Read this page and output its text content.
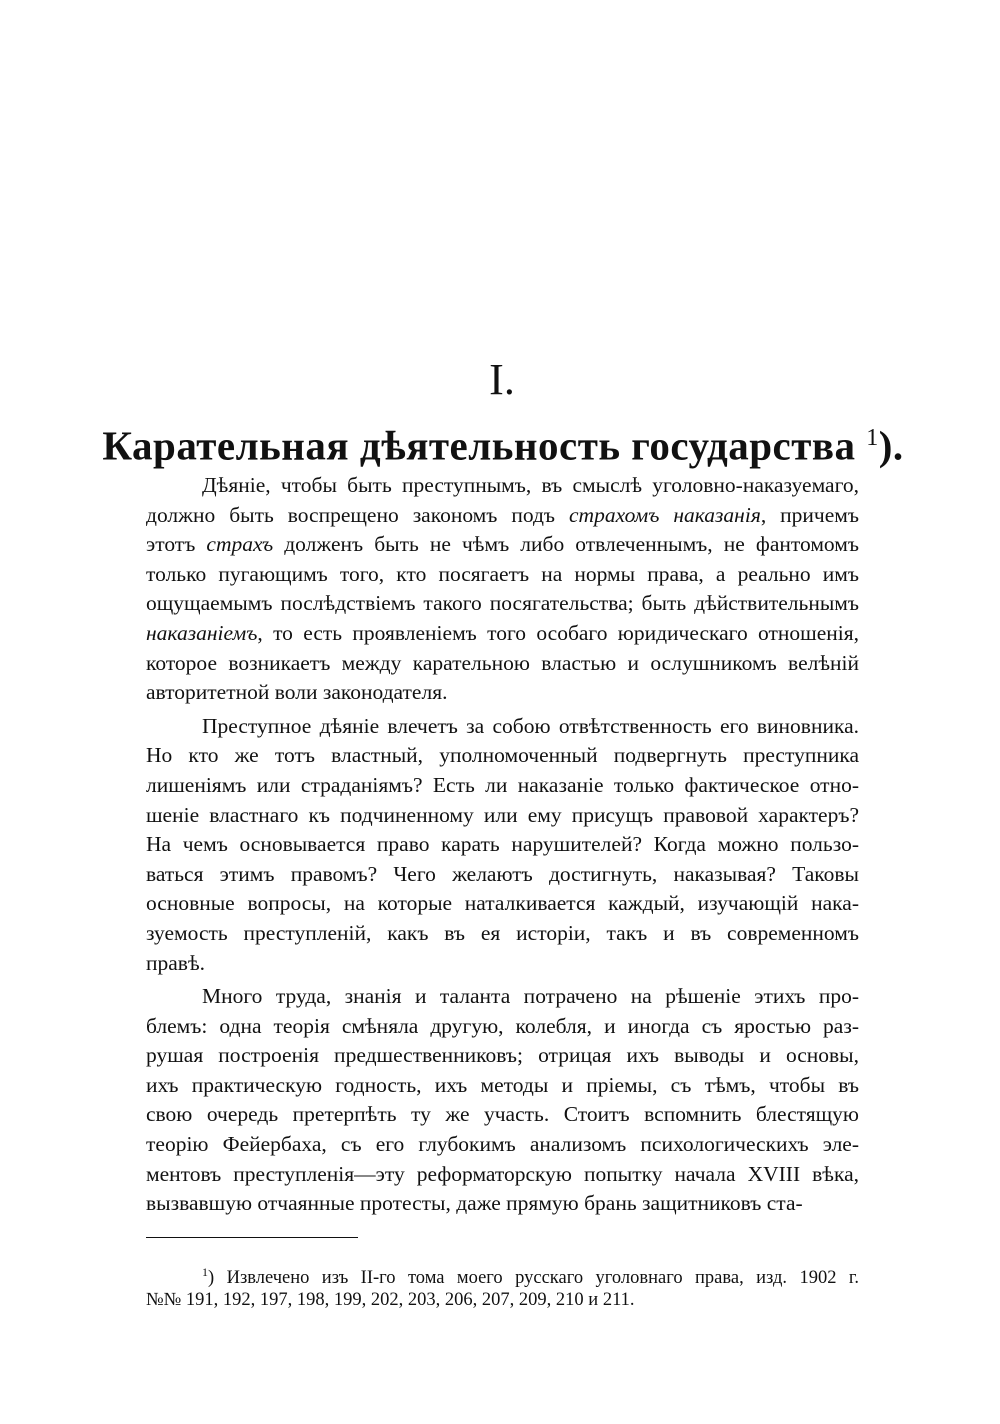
I.
Карательная дѣятельность государства $^1$).
Дѣяніе, чтобы быть преступнымъ, въ смыслѣ уголовно-наказуемаго,
должно быть воспрещено закономъ подъ страхомъ наказанія, причемъ
этотъ страхъ долженъ быть не чѣмъ либо отвлеченнымъ, не фантомомъ
только пугающимъ того, кто посягаетъ на нормы права, а реально имъ
ощущаемымъ послѣдствіемъ такого посягательства; быть дѣйствительнымъ
наказаніемъ, то есть проявленіемъ того особаго юридическаго отношенія,
которое возникаетъ между карательною властью и ослушникомъ велѣній
авторитетной воли законодателя.
Преступное дѣяніе влечетъ за собою отвѣтственность его виновника.
Но кто же тотъ властный, уполномоченный подвергнуть преступника
лишеніямъ или страданіямъ? Есть ли наказаніе только фактическое отно-
шеніе властнаго къ подчиненному или ему присущъ правовой характеръ?
На чемъ основывается право карать нарушителей? Когда можно пользо-
ваться этимъ правомъ? Чего желаютъ достигнуть, наказывая? Таковы
основные вопросы, на которые наталкивается каждый, изучающій нака-
зуемость преступленій, какъ въ ея исторіи, такъ и въ современномъ
правѣ.
Много труда, знанія и таланта потрачено на рѣшеніе этихъ про-
блемъ: одна теорія смѣняла другую, колебля, и иногда съ яростью раз-
рушая построенія предшественниковъ; отрицая ихъ выводы и основы,
ихъ практическую годность, ихъ методы и пріемы, съ тѣмъ, чтобы въ
свою очередь претерпѣть ту же участь. Стоитъ вспомнить блестящую
теорію Фейербаха, съ его глубокимъ анализомъ психологическихъ эле-
ментовъ преступленія—эту реформаторскую попытку начала XVIII вѣка,
вызвавшую отчаянные протесты, даже прямую брань защитниковъ ста-
$^1$) Извлечено изъ II-го тома моего русскаго уголовнаго права, изд. 1902 г.
№№ 191, 192, 197, 198, 199, 202, 203, 206, 207, 209, 210 и 211.
